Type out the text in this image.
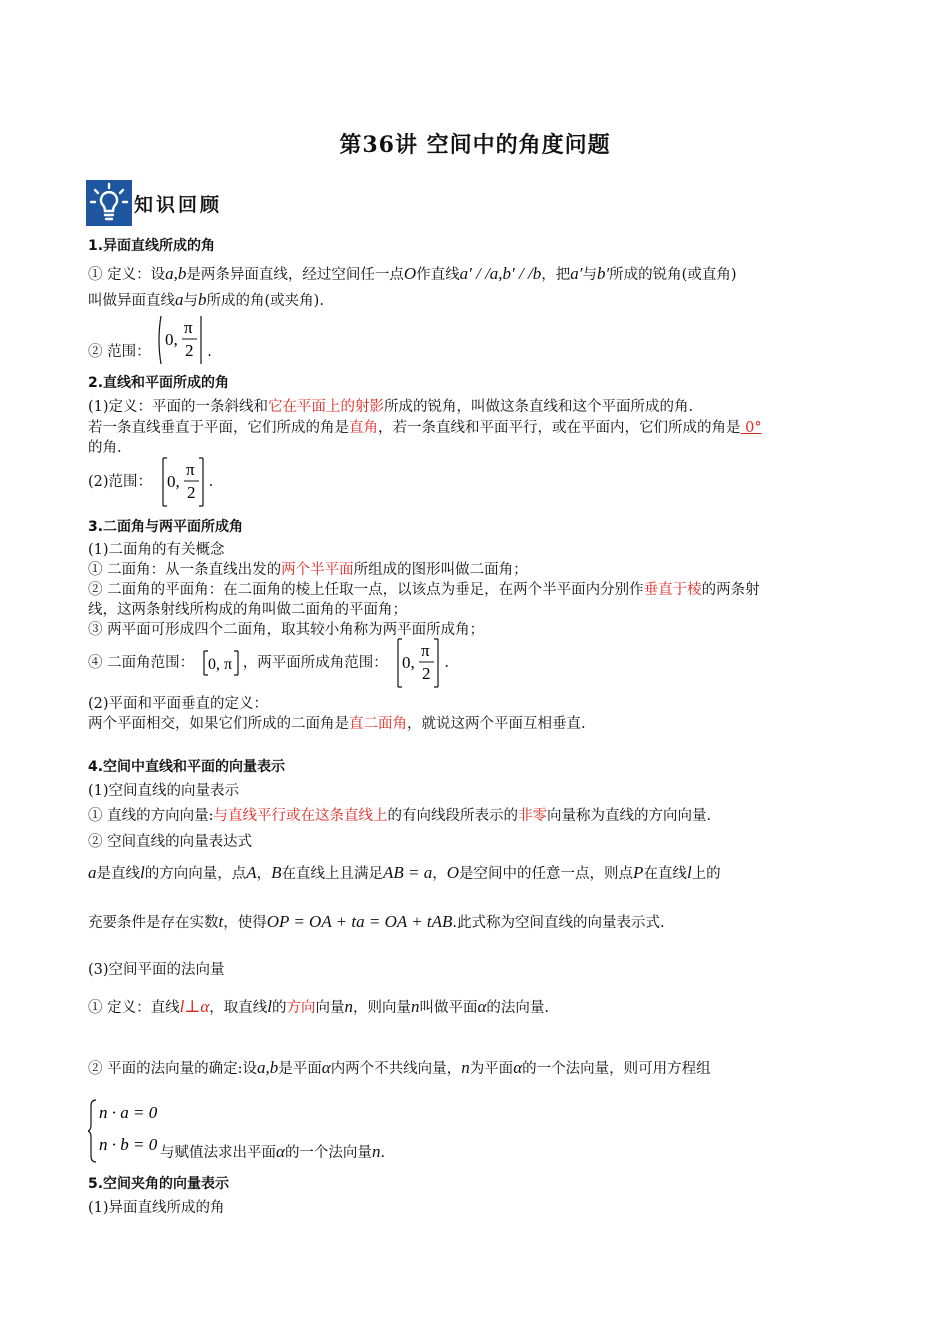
第36讲 空间中的角度问题
知识回顾
1.异面直线所成的角
① 定义：设a,b是两条异面直线，经过空间任一点O作直线a′ / /a,b′ / /b，把a′与b′所成的锐角(或直角)
叫做异面直线a与b所成的角(或夹角).
② 范围：
0,
π
2 .
2.直线和平面所成的角
(1)定义：平面的一条斜线和它在平面上的射影所成的锐角，叫做这条直线和这个平面所成的角.
若一条直线垂直于平面，它们所成的角是直角，若一条直线和平面平行，或在平面内，它们所成的角是 0°
的角.
(2)范围： 0,
π
2
.
3.二面角与两平面所成角
(1)二面角的有关概念
① 二面角：从一条直线出发的两个半平面所组成的图形叫做二面角；
② 二面角的平面角：在二面角的棱上任取一点，以该点为垂足，在两个半平面内分别作垂直于棱的两条射
线，这两条射线所构成的角叫做二面角的平面角；
③ 两平面可形成四个二面角，取其较小角称为两平面所成角；
④ 二面角范围： 0, π ，两平面所成角范围： 0,
π
2
.
(2)平面和平面垂直的定义：
两个平面相交，如果它们所成的二面角是直二面角，就说这两个平面互相垂直.
4.空间中直线和平面的向量表示
(1)空间直线的向量表示
① 直线的方向向量:与直线平行或在这条直线上的有向线段所表示的非零向量称为直线的方向向量.
② 空间直线的向量表达式
a是直线l的方向向量，点A，B在直线上且满足AB = a，O是空间中的任意一点，则点P在直线l上的
充要条件是存在实数t，使得OP = OA + ta = OA + tAB.此式称为空间直线的向量表示式.
(3)空间平面的法向量
① 定义：直线l⊥α，取直线l的方向向量n，则向量n叫做平面α的法向量.
② 平面的法向量的确定:设a,b是平面α内两个不共线向量，n为平面α的一个法向量，则可用方程组
n · a = 0
n · b = 0 与赋值法求出平面α的一个法向量n.
5.空间夹角的向量表示
(1)异面直线所成的角
